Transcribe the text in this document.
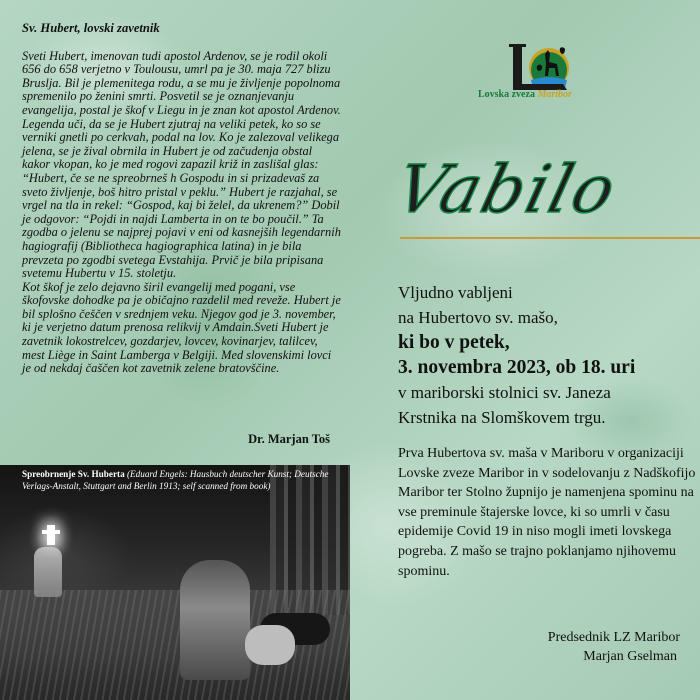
Sv. Hubert, lovski zavetnik

Sveti Hubert, imenovan tudi apostol Ardenov, se je rodil okoli 656 do 658 verjetno v Toulousu, umrl pa je 30. maja 727 blizu Bruslja. Bil je plemenitega rodu, a se mu je življenje popolnoma spremenilo po ženini smrti. Posvetil se je oznanjevanju evangelija, postal je škof v Liegu in je znan kot apostol Ardenov. Legenda uči, da se je Hubert zjutraj na veliki petek, ko so se verniki gnetli po cerkvah, podal na lov. Ko je zalezoval velikega jelena, se je žival obrnila in Hubert je od začudenja obstal kakor vkopan, ko je med rogovi zapazil križ in zaslišal glas: “Hubert, če se ne spreobrneš h Gospodu in si prizadevaš za sveto življenje, boš hitro pristal v peklu.” Hubert je razjahal, se vrgel na tla in rekel: “Gospod, kaj bi želel, da ukrenem?” Dobil je odgovor: “Pojdi in najdi Lamberta in on te bo poučil.” Ta zgodba o jelenu se najprej pojavi v eni od kasnejših legendarnih hagiografij (Bibliotheca hagiographica latina) in je bila prevzeta po zgodbi svetega Evstahija. Prvič je bila pripisana svetemu Hubertu v 15. stoletju.

Kot škof je zelo dejavno širil evangelij med pogani, vse škofovske dohodke pa je običajno razdelil med reveže. Hubert je bil splošno češčen v srednjem veku. Njegov god je 3. november, ki je verjetno datum prenosa relikvij v Amdain.Sveti Hubert je zavetnik lokostrelcev, gozdarjev, lovcev, kovinarjev, talilcev, mest Liège in Saint Lamberga v Belgiji. Med slovenskimi lovci je od nekdaj čaščen kot zavetnik zelene bratovščine.

Dr. Marjan Toš
Spreobrnenje Sv. Huberta (Eduard Engels: Hausbuch deutscher Kunst; Deutsche Verlags-Anstalt, Stuttgart and Berlin 1913; self scanned from book)
Lovska zveza Maribor
Vabilo
Vljudno vabljeni
na Hubertovo sv. mašo,
ki bo v petek,
3. novembra 2023, ob 18. uri
v mariborski stolnici sv. Janeza
Krstnika na Slomškovem trgu.
Prva Hubertova sv. maša v Mariboru v organizaciji Lovske zveze Maribor in v sodelovanju z Nadškofijo Maribor ter Stolno župnijo je namenjena spominu na vse preminule štajerske lovce, ki so umrli v času epidemije Covid 19 in niso mogli imeti lovskega pogreba. Z mašo se trajno poklanjamo njihovemu spominu.
Predsednik LZ Maribor
Marjan Gselman
